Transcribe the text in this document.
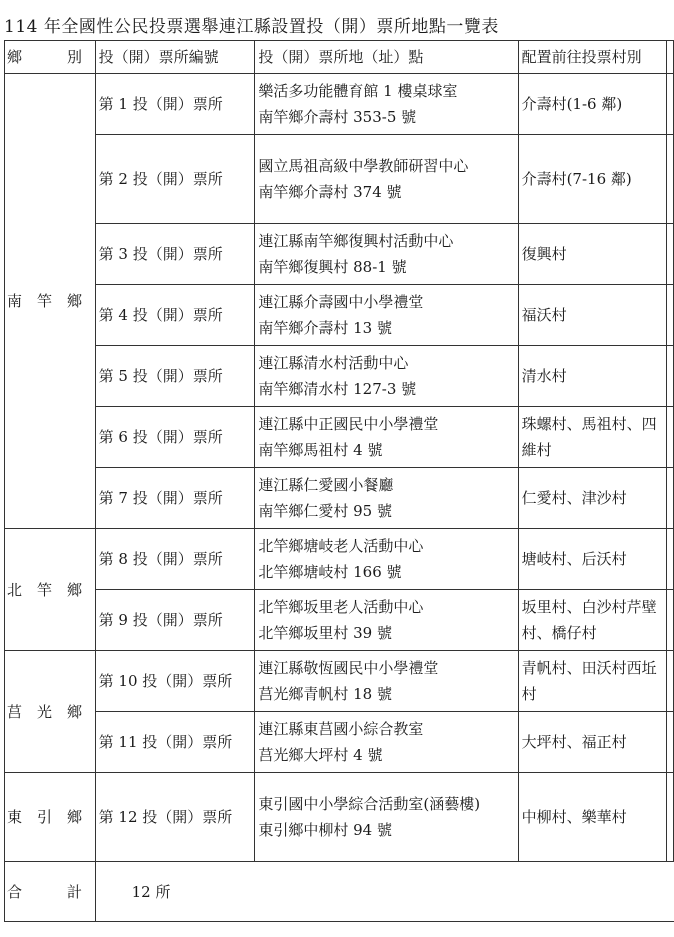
114 年全國性公民投票選舉連江縣設置投（開）票所地點一覽表
鄉　　　別	投（開）票所編號	投（開）票所地（址）點	配置前往投票村別	
南　竿　鄉	第 1 投（開）票所	樂活多功能體育館 1 樓桌球室
南竿鄉介壽村 353-5 號	介壽村(1-6 鄰)	
	第 2 投（開）票所	國立馬祖高級中學教師研習中心
南竿鄉介壽村 374 號	介壽村(7-16 鄰)	
	第 3 投（開）票所	連江縣南竿鄉復興村活動中心
南竿鄉復興村 88-1 號	復興村	
	第 4 投（開）票所	連江縣介壽國中小學禮堂
南竿鄉介壽村 13 號	福沃村	
	第 5 投（開）票所	連江縣清水村活動中心
南竿鄉清水村 127-3 號	清水村	
	第 6 投（開）票所	連江縣中正國民中小學禮堂
南竿鄉馬祖村 4 號	珠螺村、馬祖村、四維村	
	第 7 投（開）票所	連江縣仁愛國小餐廳
南竿鄉仁愛村 95 號	仁愛村、津沙村	
北　竿　鄉	第 8 投（開）票所	北竿鄉塘岐老人活動中心
北竿鄉塘岐村 166 號	塘岐村、后沃村	
	第 9 投（開）票所	北竿鄉坂里老人活動中心
北竿鄉坂里村 39 號	坂里村、白沙村芹壁村、橋仔村	
莒　光　鄉	第 10 投（開）票所	連江縣敬恆國民中小學禮堂
莒光鄉青帆村 18 號	青帆村、田沃村西坵村	
	第 11 投（開）票所	連江縣東莒國小綜合教室
莒光鄉大坪村 4 號	大坪村、福正村	
東　引　鄉	第 12 投（開）票所	東引國中小學綜合活動室(涵藝樓)
東引鄉中柳村 94 號	中柳村、樂華村	
合　　　計	12 所			
